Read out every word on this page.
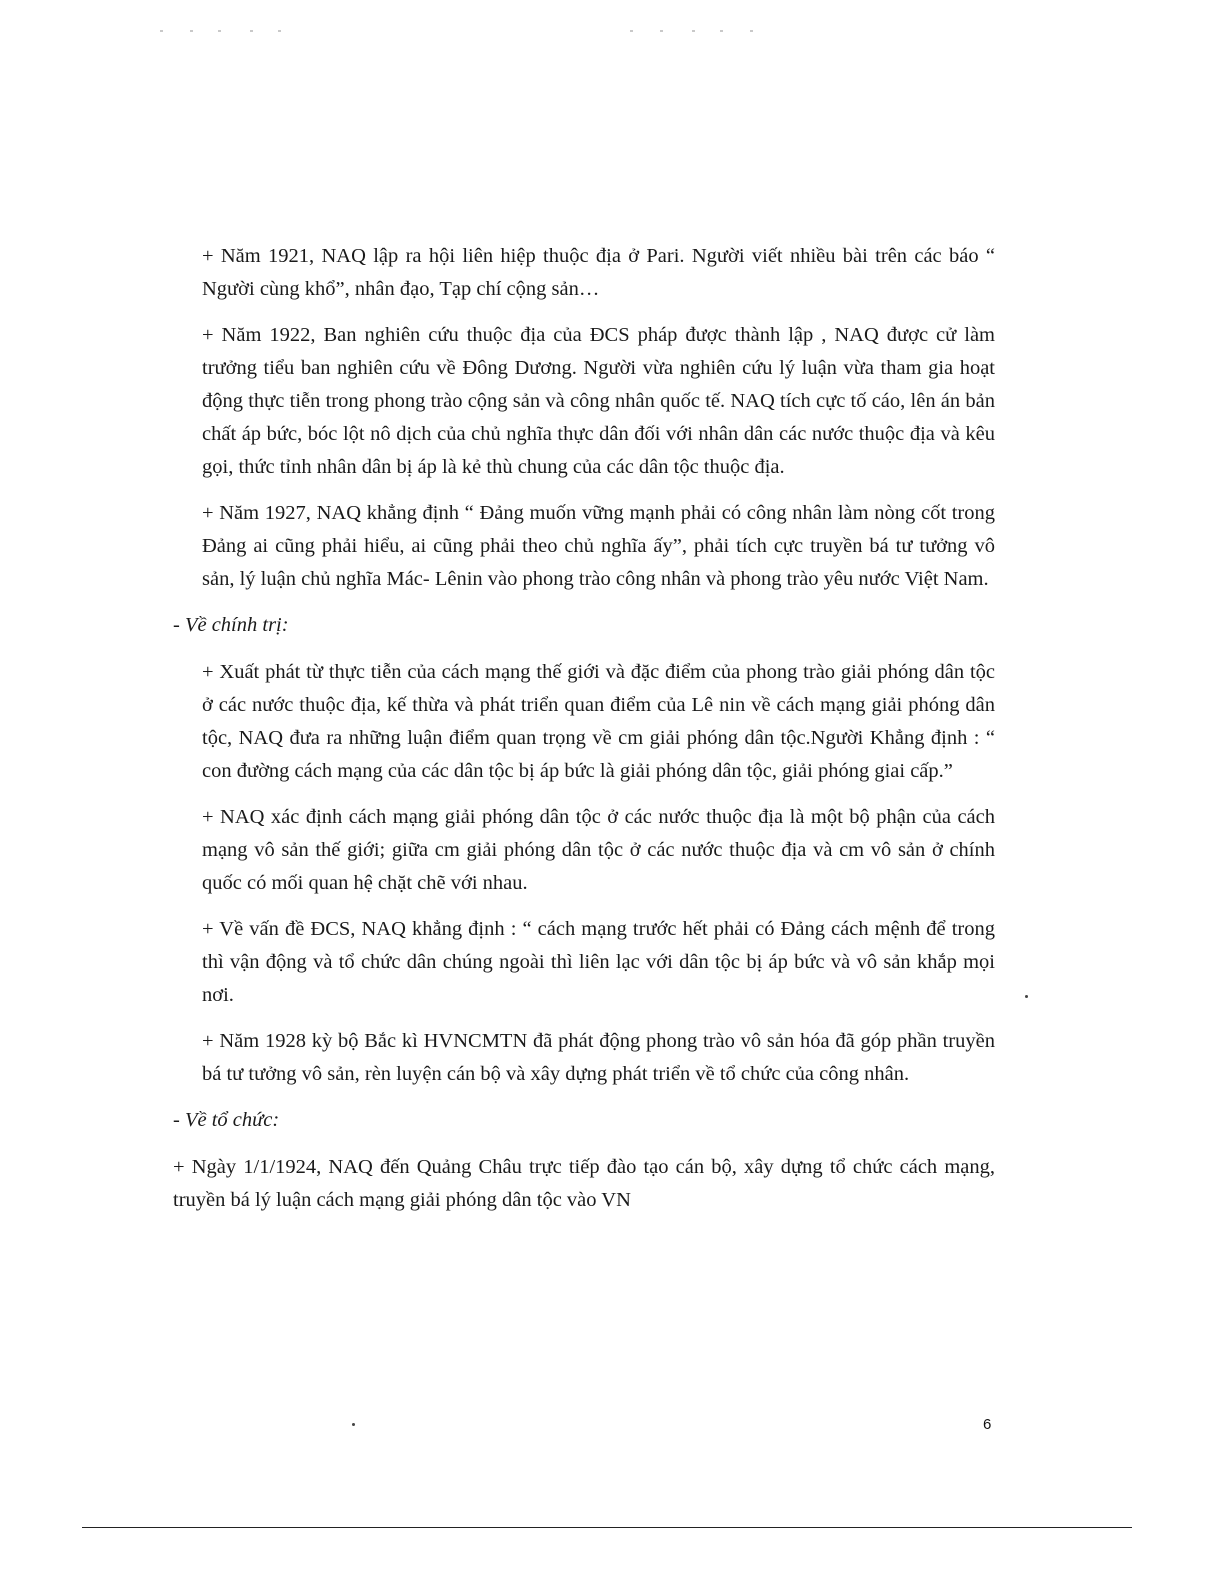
+ Năm 1921, NAQ lập ra hội liên hiệp thuộc địa ở Pari. Người viết nhiều bài trên các báo “ Người cùng khổ”, nhân đạo, Tạp chí cộng sản…

+ Năm 1922, Ban nghiên cứu thuộc địa của ĐCS pháp được thành lập , NAQ được cử làm trưởng tiểu ban nghiên cứu về Đông Dương. Người vừa nghiên cứu lý luận vừa tham gia hoạt động thực tiễn trong phong trào cộng sản và công nhân quốc tế. NAQ tích cực tố cáo, lên án bản chất áp bức, bóc lột nô dịch của chủ nghĩa thực dân đối với nhân dân các nước thuộc địa và kêu gọi, thức tỉnh nhân dân bị áp là kẻ thù chung của các dân tộc thuộc địa.

+ Năm 1927, NAQ khẳng định “ Đảng muốn vững mạnh phải có công nhân làm nòng cốt trong Đảng ai cũng phải hiểu, ai cũng phải theo chủ nghĩa ấy”, phải tích cực truyền bá tư tưởng vô sản, lý luận chủ nghĩa Mác- Lênin vào phong trào công nhân và phong trào yêu nước Việt Nam.

- Về chính trị:

+ Xuất phát từ thực tiễn của cách mạng thế giới và đặc điểm của phong trào giải phóng dân tộc ở các nước thuộc địa, kế thừa và phát triển quan điểm của Lê nin về cách mạng giải phóng dân tộc, NAQ đưa ra những luận điểm quan trọng về cm giải phóng dân tộc.Người Khẳng định : “ con đường cách mạng của các dân tộc bị áp bức là giải phóng dân tộc, giải phóng giai cấp.”

+ NAQ xác định cách mạng giải phóng dân tộc ở các nước thuộc địa là một bộ phận của cách mạng vô sản thế giới; giữa cm giải phóng dân tộc ở các nước thuộc địa và cm vô sản ở chính quốc có mối quan hệ chặt chẽ với nhau.

+ Về vấn đề ĐCS, NAQ khẳng định : “ cách mạng trước hết phải có Đảng cách mệnh để trong thì vận động và tổ chức dân chúng ngoài thì liên lạc với dân tộc bị áp bức và vô sản khắp mọi nơi.

+ Năm 1928 kỳ bộ Bắc kì HVNCMTN đã phát động phong trào vô sản hóa đã góp phần truyền bá tư tưởng vô sản, rèn luyện cán bộ và xây dựng phát triển về tổ chức của công nhân.

- Về tổ chức:

+ Ngày 1/1/1924, NAQ đến Quảng Châu trực tiếp đào tạo cán bộ, xây dựng tổ chức cách mạng, truyền bá lý luận cách mạng giải phóng dân tộc vào VN

6
